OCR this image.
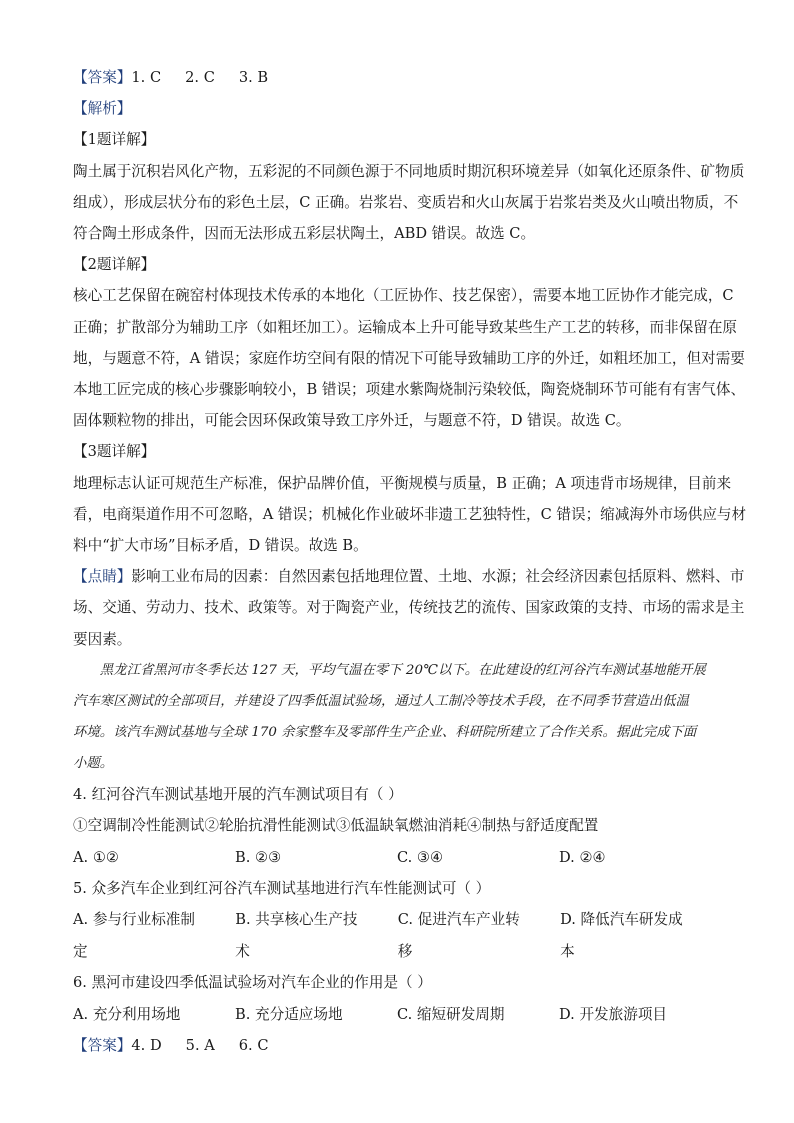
【答案】1. C 2. C 3. B
【解析】
【1题详解】
陶土属于沉积岩风化产物，五彩泥的不同颜色源于不同地质时期沉积环境差异（如氧化还原条件、矿物质
组成），形成层状分布的彩色土层，C 正确。岩浆岩、变质岩和火山灰属于岩浆岩类及火山喷出物质，不
符合陶土形成条件，因而无法形成五彩层状陶土，ABD 错误。故选 C。
【2题详解】
核心工艺保留在碗窑村体现技术传承的本地化（工匠协作、技艺保密），需要本地工匠协作才能完成，C
正确；扩散部分为辅助工序（如粗坯加工）。运输成本上升可能导致某些生产工艺的转移，而非保留在原
地，与题意不符，A 错误；家庭作坊空间有限的情况下可能导致辅助工序的外迁，如粗坯加工，但对需要
本地工匠完成的核心步骤影响较小，B 错误；项建水紫陶烧制污染较低，陶瓷烧制环节可能有有害气体、
固体颗粒物的排出，可能会因环保政策导致工序外迁，与题意不符，D 错误。故选 C。
【3题详解】
地理标志认证可规范生产标准，保护品牌价值，平衡规模与质量，B 正确；A 项违背市场规律，目前来
看，电商渠道作用不可忽略，A 错误；机械化作业破坏非遗工艺独特性，C 错误；缩减海外市场供应与材
料中“扩大市场”目标矛盾，D 错误。故选 B。
【点睛】影响工业布局的因素：自然因素包括地理位置、土地、水源；社会经济因素包括原料、燃料、市
场、交通、劳动力、技术、政策等。对于陶瓷产业，传统技艺的流传、国家政策的支持、市场的需求是主
要因素。
黑龙江省黑河市冬季长达 127 天，平均气温在零下 20℃以下。在此建设的红河谷汽车测试基地能开展
汽车寒区测试的全部项目，并建设了四季低温试验场，通过人工制冷等技术手段，在不同季节营造出低温
环境。该汽车测试基地与全球 170 余家整车及零部件生产企业、科研院所建立了合作关系。据此完成下面
小题。
4. 红河谷汽车测试基地开展的汽车测试项目有（ ）
①空调制冷性能测试②轮胎抗滑性能测试③低温缺氧燃油消耗④制热与舒适度配置
A. ①②	B. ②③	C. ③④	D. ②④
5. 众多汽车企业到红河谷汽车测试基地进行汽车性能测试可（ ）
A. 参与行业标准制定
B. 共享核心生产技术
C. 促进汽车产业转移
D. 降低汽车研发成本
6. 黑河市建设四季低温试验场对汽车企业的作用是（ ）
A. 充分利用场地	B. 充分适应场地	C. 缩短研发周期	D. 开发旅游项目
【答案】4. D 5. A 6. C
